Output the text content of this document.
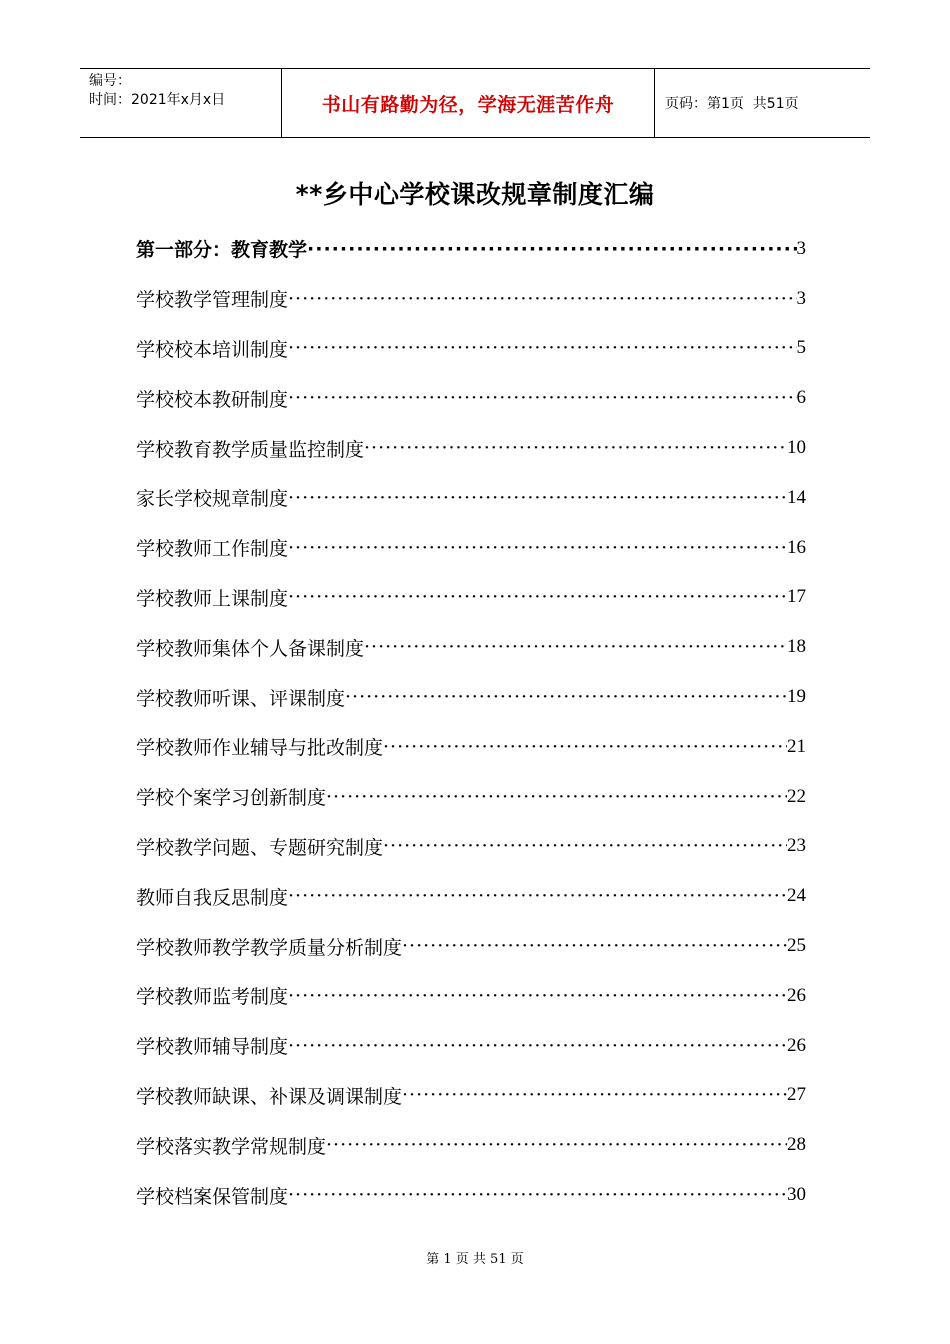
编号：
时间：2021年x月x日	书山有路勤为径，学海无涯苦作舟	页码：第1页  共51页
**乡中心学校课改规章制度汇编
第一部分：教育教学 ·····	3
学校教学管理制度 ·····	3
学校校本培训制度 ·····	5
学校校本教研制度 ·····	6
学校教育教学质量监控制度 ·····	10
家长学校规章制度 ·····	14
学校教师工作制度 ·····	16
学校教师上课制度 ·····	17
学校教师集体个人备课制度 ·····	18
学校教师听课、评课制度 ·····	19
学校教师作业辅导与批改制度 ·····	21
学校个案学习创新制度 ·····	22
学校教学问题、专题研究制度 ·····	23
教师自我反思制度 ·····	24
学校教师教学教学质量分析制度 ·····	25
学校教师监考制度 ·····	26
学校教师辅导制度 ·····	26
学校教师缺课、补课及调课制度 ·····	27
学校落实教学常规制度 ·····	28
学校档案保管制度 ·····	30
第 1 页 共 51 页
